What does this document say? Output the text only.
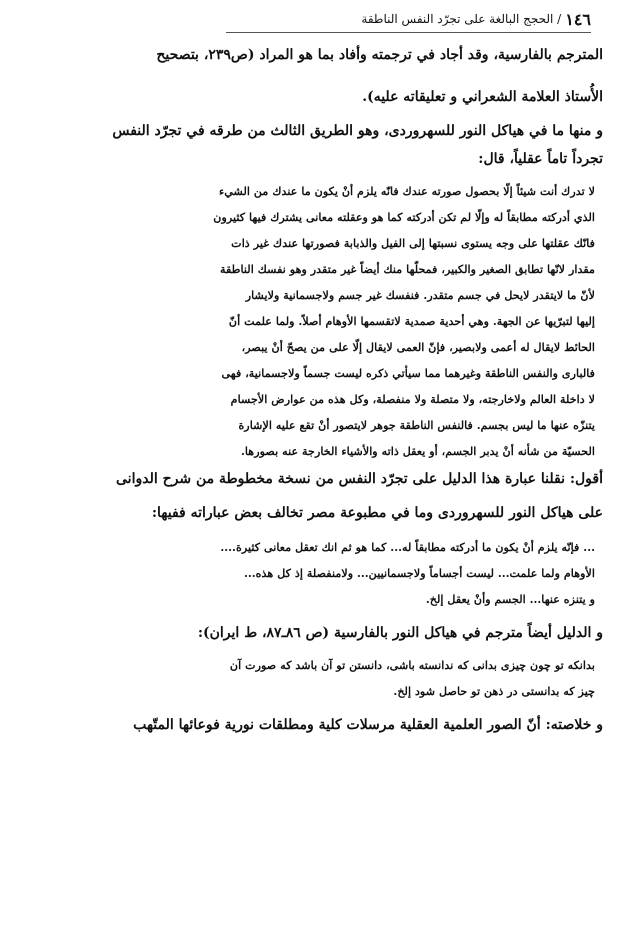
١٤٦
/ الحجج البالغة على تجرّد النفس الناطقة

المترجم بالفارسية، وقد أجاد في ترجمته وأفاد بما هو المراد (ص٢٣٩، بتصحيح

الأُستاذ العلامة الشعراني و تعليقاته عليه).

و منها ما في هياكل النور للسهروردى، وهو الطريق الثالث من طرقه في تجرّد النفس

تجرداً تاماً عقلياً، قال:

لا تدرك أنت شيئاً إلّا بحصول صورته عندك فانّه يلزم أنْ يكون ما عندك من الشيء

الذي أدركته مطابقاً له وإلّا لم تكن أدركته كما هو وعقلته معانى يشترك فيها كثيرون

فانّك عقلتها على وجه يستوى نسبتها إلى الفيل والذبابة فصورتها عندك غير ذات

مقدار لانّها تطابق الصغير والكبير، فمحلّها منك أيضاً غير متقدر وهو نفسك الناطقة

لأنّ ما لايتقدر لايحل في جسم متقدر. فنفسك غير جسم ولاجسمانية ولايشار

إليها لتبرّيها عن الجهة. وهي أحدية صمدية لاتقسمها الأوهام أصلاً. ولما علمت أنّ

الحائط لايقال له أعمى ولابصير، فإنّ العمى لايقال إلّا على من يصحّ أنْ يبصر،

فالبارى والنفس الناطقة وغيرهما مما سيأتي ذكره ليست جسماً ولاجسمانية، فهى

لا داخلة العالم ولاخارجته، ولا متصلة ولا منفصلة، وكل هذه من عوارض الأجسام

يتنزّه عنها ما ليس بجسم. فالنفس الناطقة جوهر لايتصور أنْ تقع عليه الإشارة

الحسيّة من شأنه أنْ يدبر الجسم، أو يعقل ذاته والأشياء الخارجة عنه بصورها.

أقول: نقلنا عبارة هذا الدليل على تجرّد النفس من نسخة مخطوطة من شرح الدوانى

على هياكل النور للسهروردى وما في مطبوعة مصر تخالف بعض عباراته ففيها:

... فإنّه يلزم أنْ يكون ما أدركته مطابقاً له... كما هو ثم انك تعقل معانى كثيرة....

الأوهام ولما علمت... ليست أجساماً ولاجسمانيين... ولامنفصلة إذ كل هذه...

و يتنزه عنها... الجسم وأنْ يعقل إلخ.

و الدليل أيضاً مترجم في هياكل النور بالفارسية (ص ٨٦ـ٨٧، ط ايران):

بدانكه تو چون چيزى بدانى كه ندانسته باشى، دانستن تو آن باشد كه صورت آن

چيز كه بدانستى در ذهن تو حاصل شود إلخ.

و خلاصته: أنّ الصور العلمية العقلية مرسلات كلية ومطلقات نورية فوعائها المتّهب
